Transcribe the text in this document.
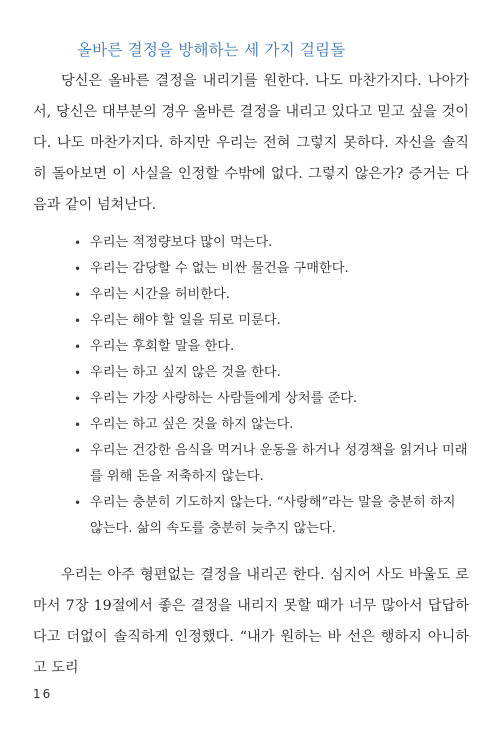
올바른 결정을 방해하는 세 가지 걸림돌

당신은 올바른 결정을 내리기를 원한다. 나도 마찬가지다. 나아가서, 당신은 대부분의 경우 올바른 결정을 내리고 있다고 믿고 싶을 것이다. 나도 마찬가지다. 하지만 우리는 전혀 그렇지 못하다. 자신을 솔직히 돌아보면 이 사실을 인정할 수밖에 없다. 그렇지 않은가? 증거는 다음과 같이 넘쳐난다.

• 우리는 적정량보다 많이 먹는다.
• 우리는 감당할 수 없는 비싼 물건을 구매한다.
• 우리는 시간을 허비한다.
• 우리는 해야 할 일을 뒤로 미룬다.
• 우리는 후회할 말을 한다.
• 우리는 하고 싶지 않은 것을 한다.
• 우리는 가장 사랑하는 사람들에게 상처를 준다.
• 우리는 하고 싶은 것을 하지 않는다.
• 우리는 건강한 음식을 먹거나 운동을 하거나 성경책을 읽거나 미래를 위해 돈을 저축하지 않는다.
• 우리는 충분히 기도하지 않는다. “사랑해”라는 말을 충분히 하지 않는다. 삶의 속도를 충분히 늦추지 않는다.

우리는 아주 형편없는 결정을 내리곤 한다. 심지어 사도 바울도 로마서 7장 19절에서 좋은 결정을 내리지 못할 때가 너무 많아서 답답하다고 더없이 솔직하게 인정했다. “내가 원하는 바 선은 행하지 아니하고 도리

16
